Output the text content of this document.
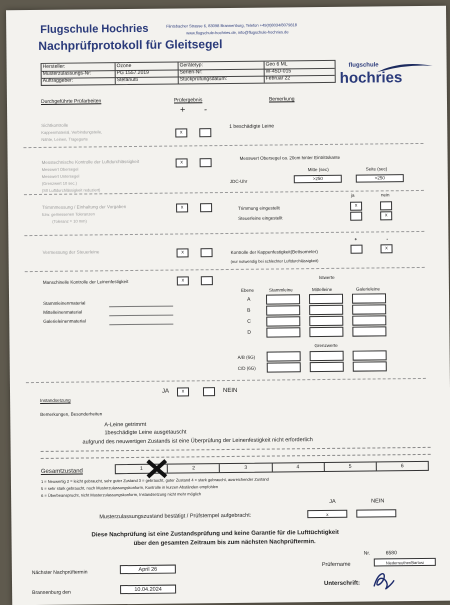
Flugschule Hochries
Nachprüfprotokoll für Gleitsegel
Flintsbacher Strasse 6, 83098 Brannenburg, Telefon +49(0)8034/8079818
www.flugschule-hochries.de, info@flugschule-hochries.de
flugschule
hochries
Hersteller:	Ozone	Gerätetyp:	Geo 6 ML
Musterzulassungs-Nr:	PG 1557.2019	Serien-Nr:	W-45D-015
Auftraggeber:	Stefanutti	Stückprüfungsdatum:	Februar 22
Durchgeführte Prüfarbeiten	Prüfergebnis	Bemerkung
+ -
Sichtkontrolle
Kappenmaterial, Verbindungsteile,
Nähte, Leinen, Tragegurte
x
1 beschädigte Leine
Messtechnische Kontrolle der Luftdurchlässigkeit
Messwert Obersegel
Messwert Untersegel
(Grenzwert 10 sec.)
(S0 Luftdurchlässigkeit reduziert)
x
Messwert Obersegel ca. 20cm hinter Eintrittskante
Mitte (sec)	Seite (sec)
JDC-Uhr
>250	>250
Trimmmessung / Einhaltung der Vorgaben
bzw. gemessenen Toleranzen
(Toleranz = 10 mm)
x
ja	nein
Trimmung eingestellt
Steuerleine eingestellt
x
x
Vermessung der Steuerleine	x
+	-
Kontrolle der Kappenfestigkeit(Bettsometer)
(nur notwendig bei schlechter Luftdurchlässigkeit)
x
Manschinelle Kontrolle der Leinenfestigkeit	x
Stammleinenmaterial
Mittelleinenmaterial
Galerieleinenmaterial
Istwerte
Ebene	Stammleine	Mittelleine	Galerieleine
A
B
C
D
Grenzwerte
A/B (6G)
C/D (6G)
Instandsetzung
JA	x	NEIN
Bemerkungen, Besonderheiten
A-Leine getrimmt
1beschädigte Leine ausgetauscht
aufgrund des neuwertigen Zustands ist eine Überprüfung der Leinenfestigkeit nicht erforderlich
Gesamtzustand	1	2	3	4	5	6
1 = Neuwertig 2 = leicht gebraucht, sehr guter Zustand 3 = gebraucht, guter Zustand 4 = stark gebraucht, ausreichender Zustand
5 = sehr stark gebraucht, noch Musterzulassungskonform, Kontrolle in kurzen Abständen empfohlen
6 = Überbeansprucht, nicht Musterzulassungskonform, Instandsetzung nicht mehr möglich
JA	NEIN
Musterzulassungszustand bestätigt / Prüfstempel aufgebracht:	x
Diese Nachprüfung ist eine Zustandsprüfung und keine Garantie für die Lufttüchtigkeit
über den gesamten Zeitraum bis zum nächsten Nachprüftermin.
Nächster Nachprüftermin	April 26
Nr.	6580
Prüfername	Niederreuther/Bartosi
Brannenburg den	10.04.2024
Unterschrift:
